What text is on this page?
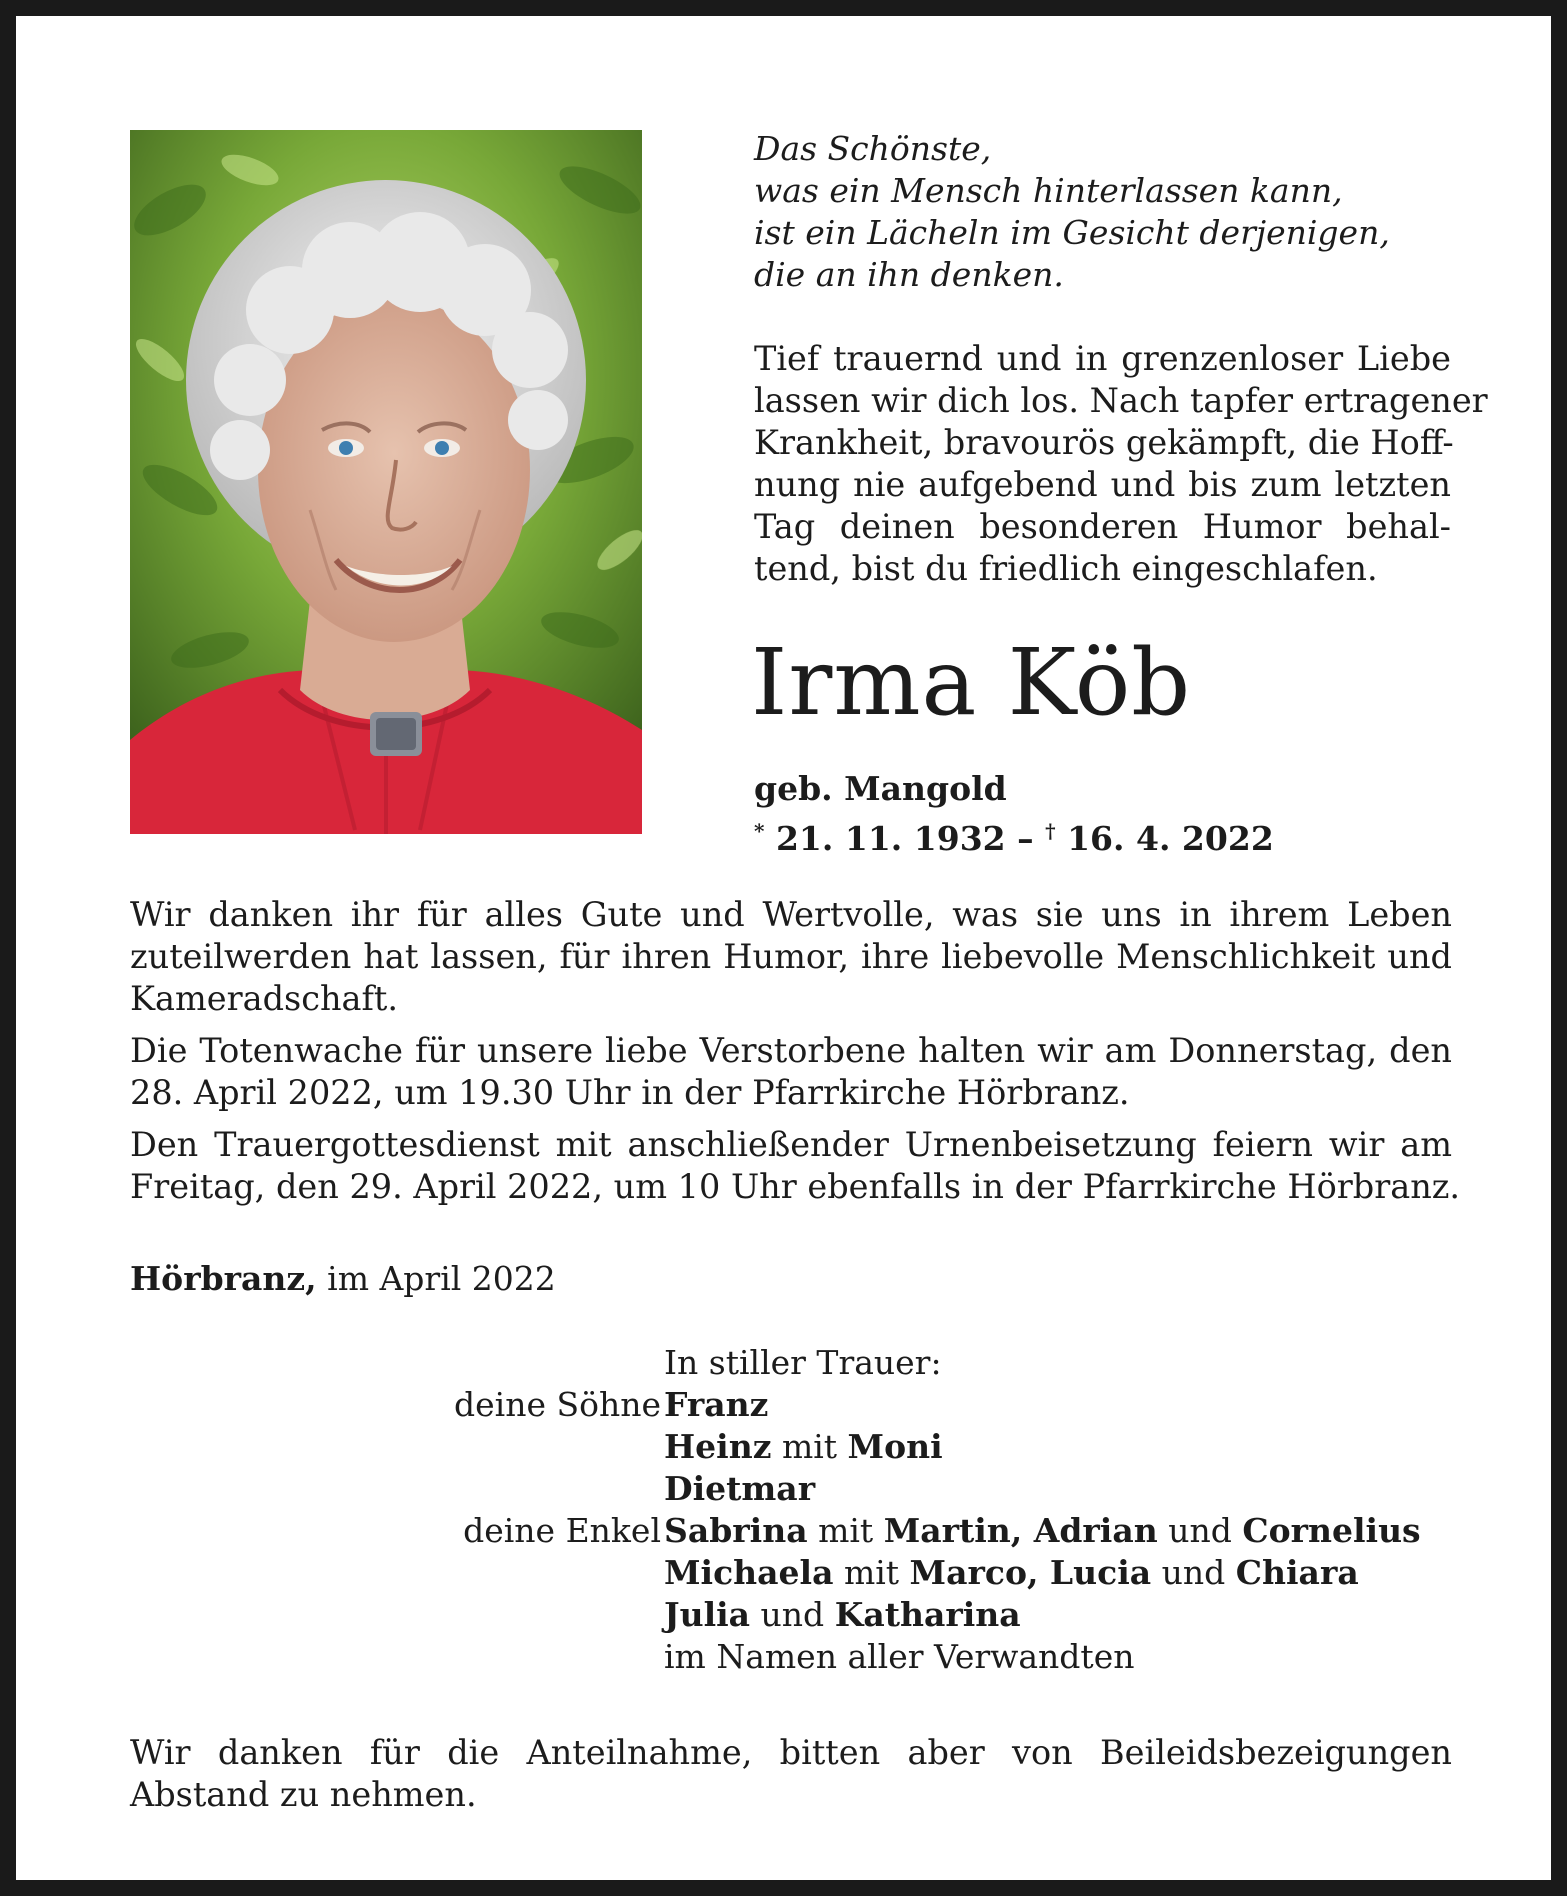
Das Schönste,
was ein Mensch hinterlassen kann,
ist ein Lächeln im Gesicht derjenigen,
die an ihn denken.
Tief trauernd und in grenzenloser Liebe
lassen wir dich los. Nach tapfer ertragener
Krankheit, bravourös gekämpft, die Hoff-
nung nie aufgebend und bis zum letzten
Tag deinen besonderen Humor behal-
tend, bist du friedlich eingeschlafen.
Irma Köb
geb. Mangold
* 21. 11. 1932 – † 16. 4. 2022
Wir danken ihr für alles Gute und Wertvolle, was sie uns in ihrem Leben
zuteilwerden hat lassen, für ihren Humor, ihre liebevolle Menschlichkeit und
Kameradschaft.
Die Totenwache für unsere liebe Verstorbene halten wir am Donnerstag, den
28. April 2022, um 19.30 Uhr in der Pfarrkirche Hörbranz.
Den Trauergottesdienst mit anschließender Urnenbeisetzung feiern wir am
Freitag, den 29. April 2022, um 10 Uhr ebenfalls in der Pfarrkirche Hörbranz.
Hörbranz, im April 2022
In stiller Trauer:
deine Söhne
deine Enkel
Franz
Heinz mit Moni
Dietmar
Sabrina mit Martin, Adrian und Cornelius
Michaela mit Marco, Lucia und Chiara
Julia und Katharina
im Namen aller Verwandten
Wir danken für die Anteilnahme, bitten aber von Beileidsbezeigungen
Abstand zu nehmen.
